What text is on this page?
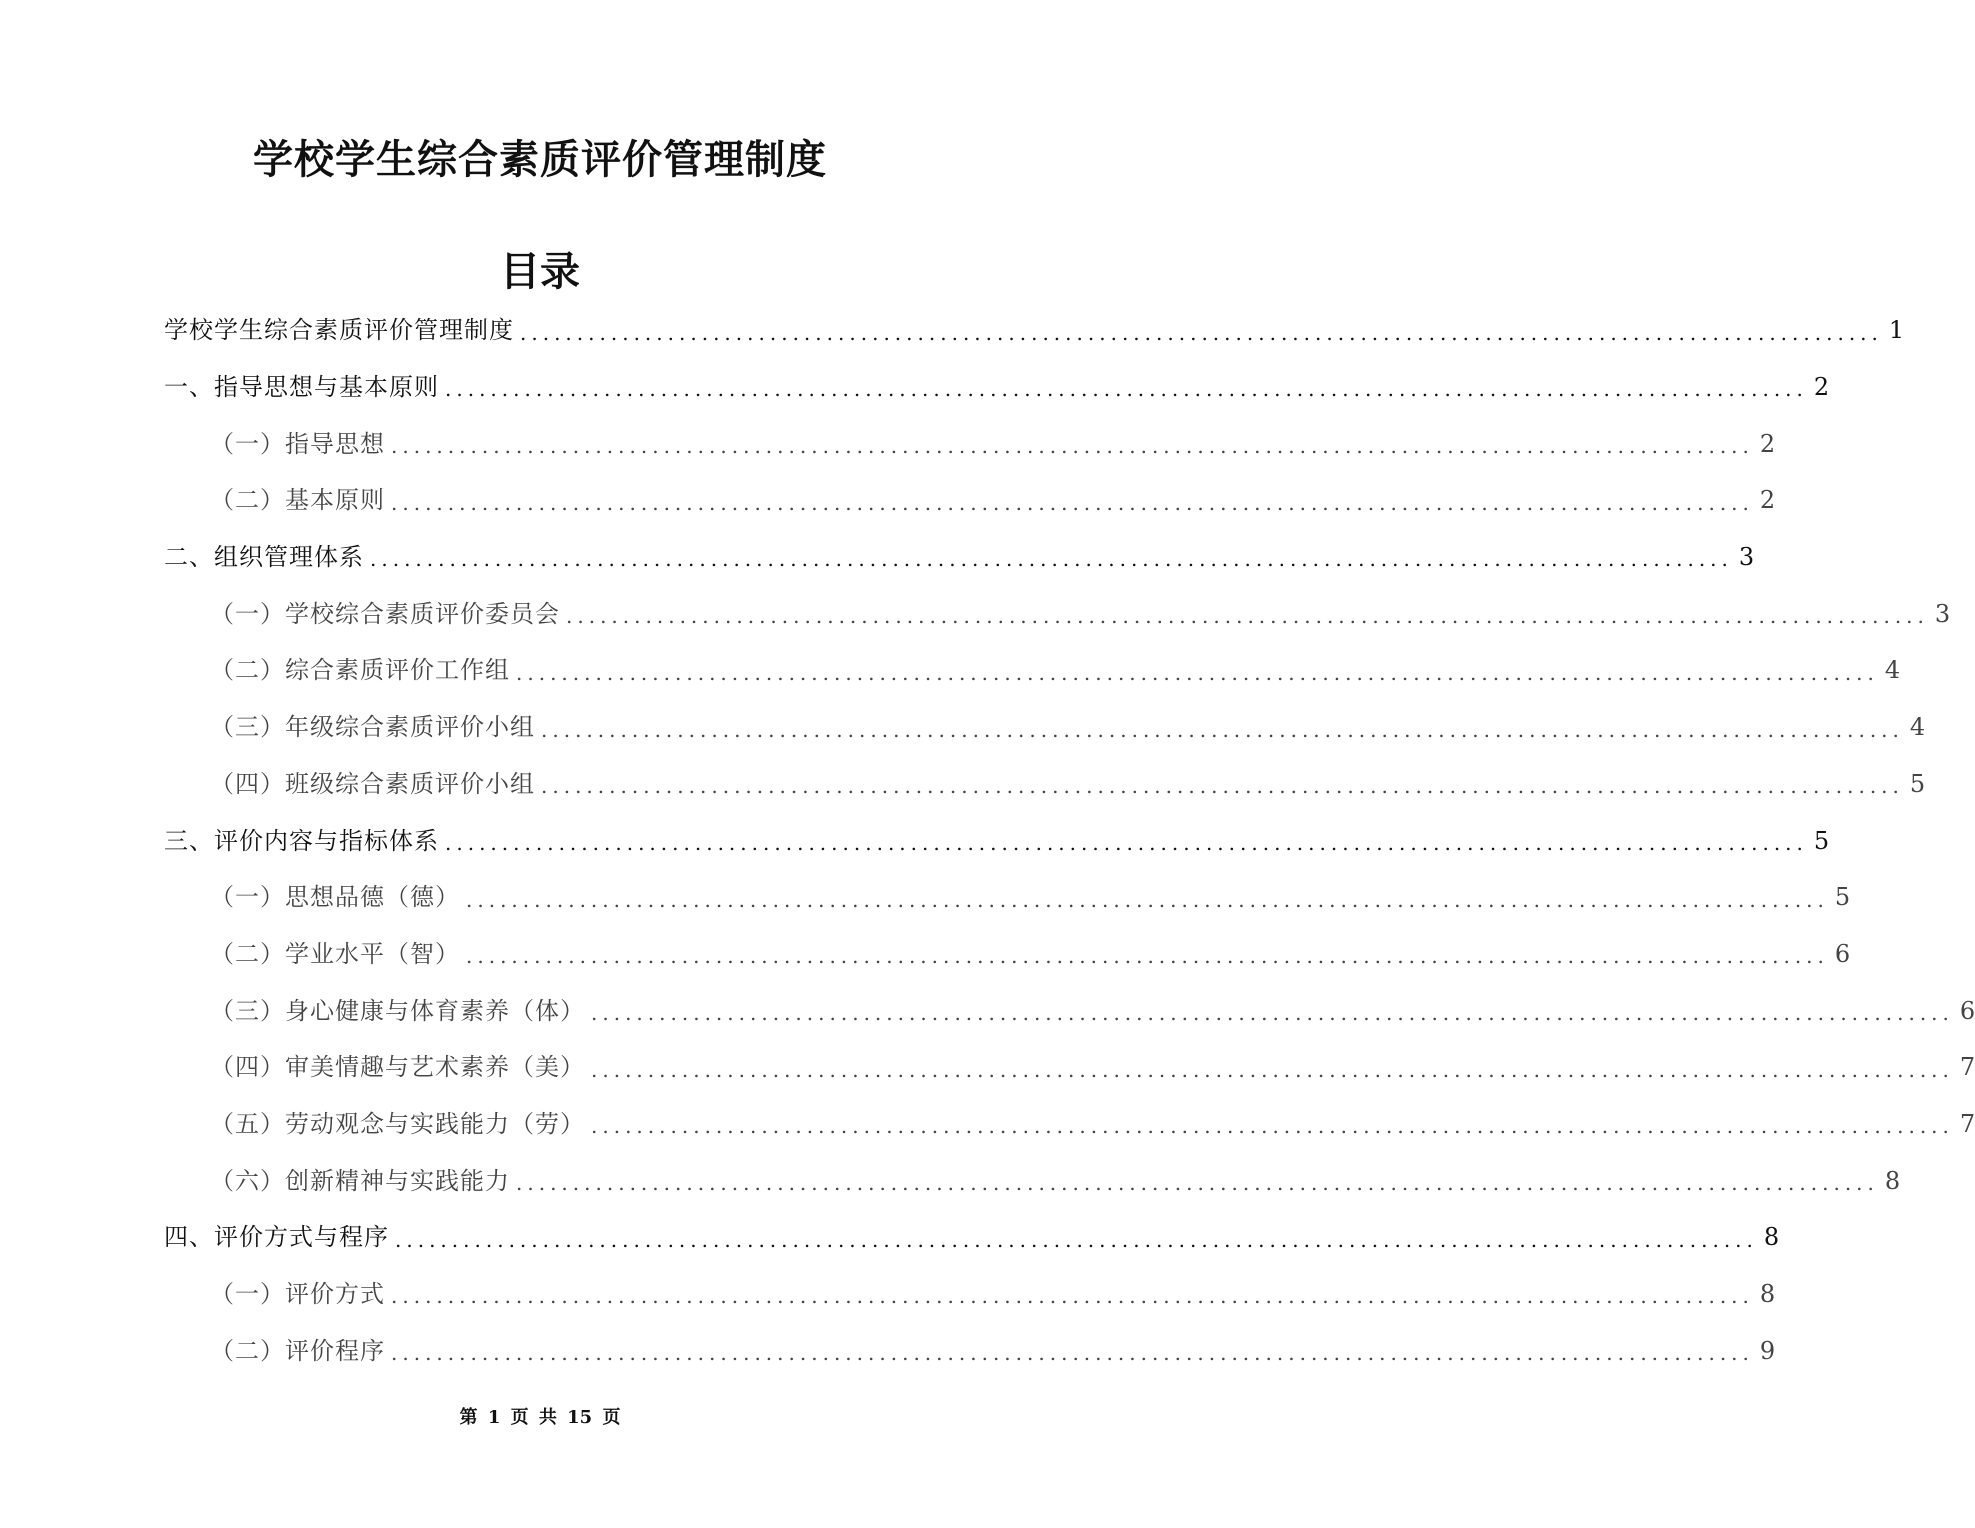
学校学生综合素质评价管理制度
目录
学校学生综合素质评价管理制度 ........................................................................................................................ 1
一、指导思想与基本原则 ........................................................................................................................ 2
（一）指导思想 ........................................................................................................................ 2
（二）基本原则 ........................................................................................................................ 2
二、组织管理体系 ........................................................................................................................ 3
（一）学校综合素质评价委员会 ........................................................................................................................ 3
（二）综合素质评价工作组 ........................................................................................................................ 4
（三）年级综合素质评价小组 ........................................................................................................................ 4
（四）班级综合素质评价小组 ........................................................................................................................ 5
三、评价内容与指标体系 ........................................................................................................................ 5
（一）思想品德（德） ........................................................................................................................ 5
（二）学业水平（智） ........................................................................................................................ 6
（三）身心健康与体育素养（体） ........................................................................................................................ 6
（四）审美情趣与艺术素养（美） ........................................................................................................................ 7
（五）劳动观念与实践能力（劳） ........................................................................................................................ 7
（六）创新精神与实践能力 ........................................................................................................................ 8
四、评价方式与程序 ........................................................................................................................ 8
（一）评价方式 ........................................................................................................................ 8
（二）评价程序 ........................................................................................................................ 9
第 1 页 共 15 页
